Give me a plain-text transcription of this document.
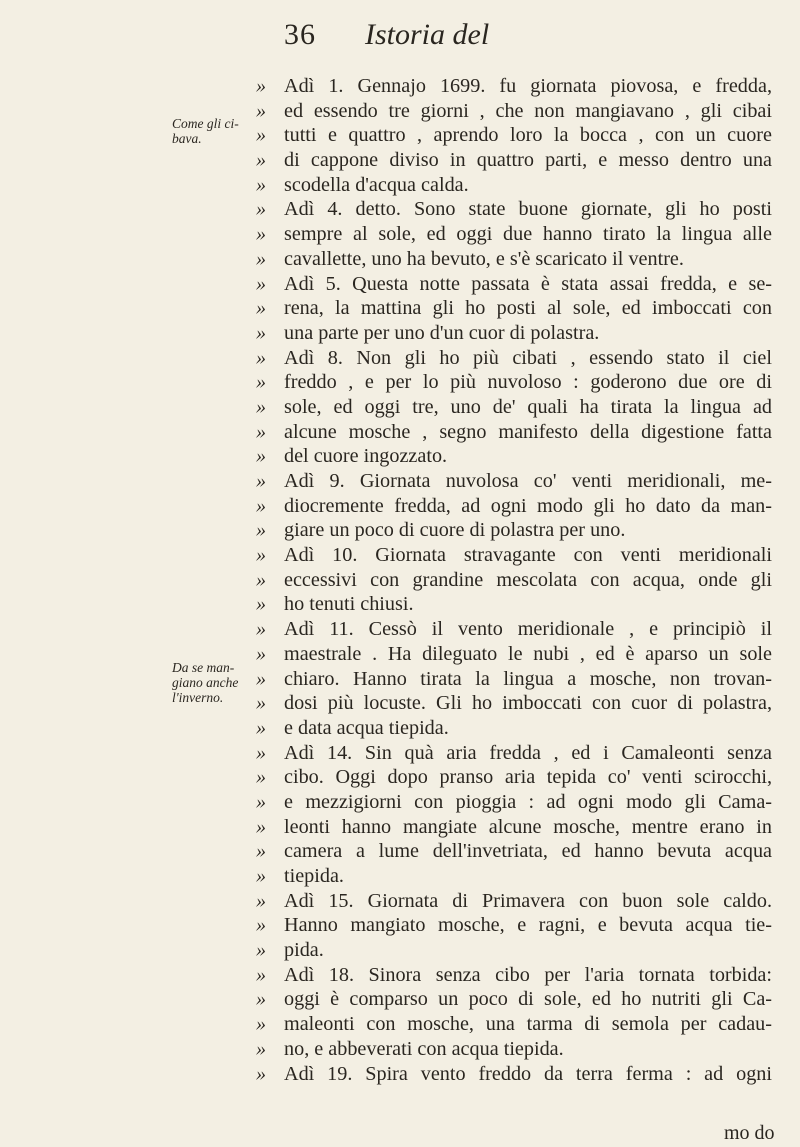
36 Istoria del
Come gli ci- bava.
Da se man- giano anche l'inverno.
» Adì 1. Gennajo 1699. fu giornata piovosa, e fredda,
» ed essendo tre giorni , che non mangiavano , gli cibai
» tutti e quattro , aprendo loro la bocca , con un cuore
» di cappone diviso in quattro parti, e messo dentro una
» scodella d'acqua calda.
» Adì 4. detto. Sono state buone giornate, gli ho posti
» sempre al sole, ed oggi due hanno tirato la lingua alle
» cavallette, uno ha bevuto, e s'è scaricato il ventre.
» Adì 5. Questa notte passata è stata assai fredda, e se-
» rena, la mattina gli ho posti al sole, ed imboccati con
» una parte per uno d'un cuor di polastra.
» Adì 8. Non gli ho più cibati , essendo stato il ciel
» freddo , e per lo più nuvoloso : goderono due ore di
» sole, ed oggi tre, uno de' quali ha tirata la lingua ad
» alcune mosche , segno manifesto della digestione fatta
» del cuore ingozzato.
» Adì 9. Giornata nuvolosa co' venti meridionali, me-
» diocremente fredda, ad ogni modo gli ho dato da man-
» giare un poco di cuore di polastra per uno.
» Adì 10. Giornata stravagante con venti meridionali
» eccessivi con grandine mescolata con acqua, onde gli
» ho tenuti chiusi.
» Adì 11. Cessò il vento meridionale , e principiò il
» maestrale . Ha dileguato le nubi , ed è aparso un sole
» chiaro. Hanno tirata la lingua a mosche, non trovan-
» dosi più locuste. Gli ho imboccati con cuor di polastra,
» e data acqua tiepida.
» Adì 14. Sin quà aria fredda , ed i Camaleonti senza
» cibo. Oggi dopo pranso aria tepida co' venti scirocchi,
» e mezzigiorni con pioggia : ad ogni modo gli Cama-
» leonti hanno mangiate alcune mosche, mentre erano in
» camera a lume dell'invetriata, ed hanno bevuta acqua
» tiepida.
» Adì 15. Giornata di Primavera con buon sole caldo.
» Hanno mangiato mosche, e ragni, e bevuta acqua tie-
» pida.
» Adì 18. Sinora senza cibo per l'aria tornata torbida:
» oggi è comparso un poco di sole, ed ho nutriti gli Ca-
» maleonti con mosche, una tarma di semola per cadau-
» no, e abbeverati con acqua tiepida.
» Adì 19. Spira vento freddo da terra ferma : ad ogni
mo do
